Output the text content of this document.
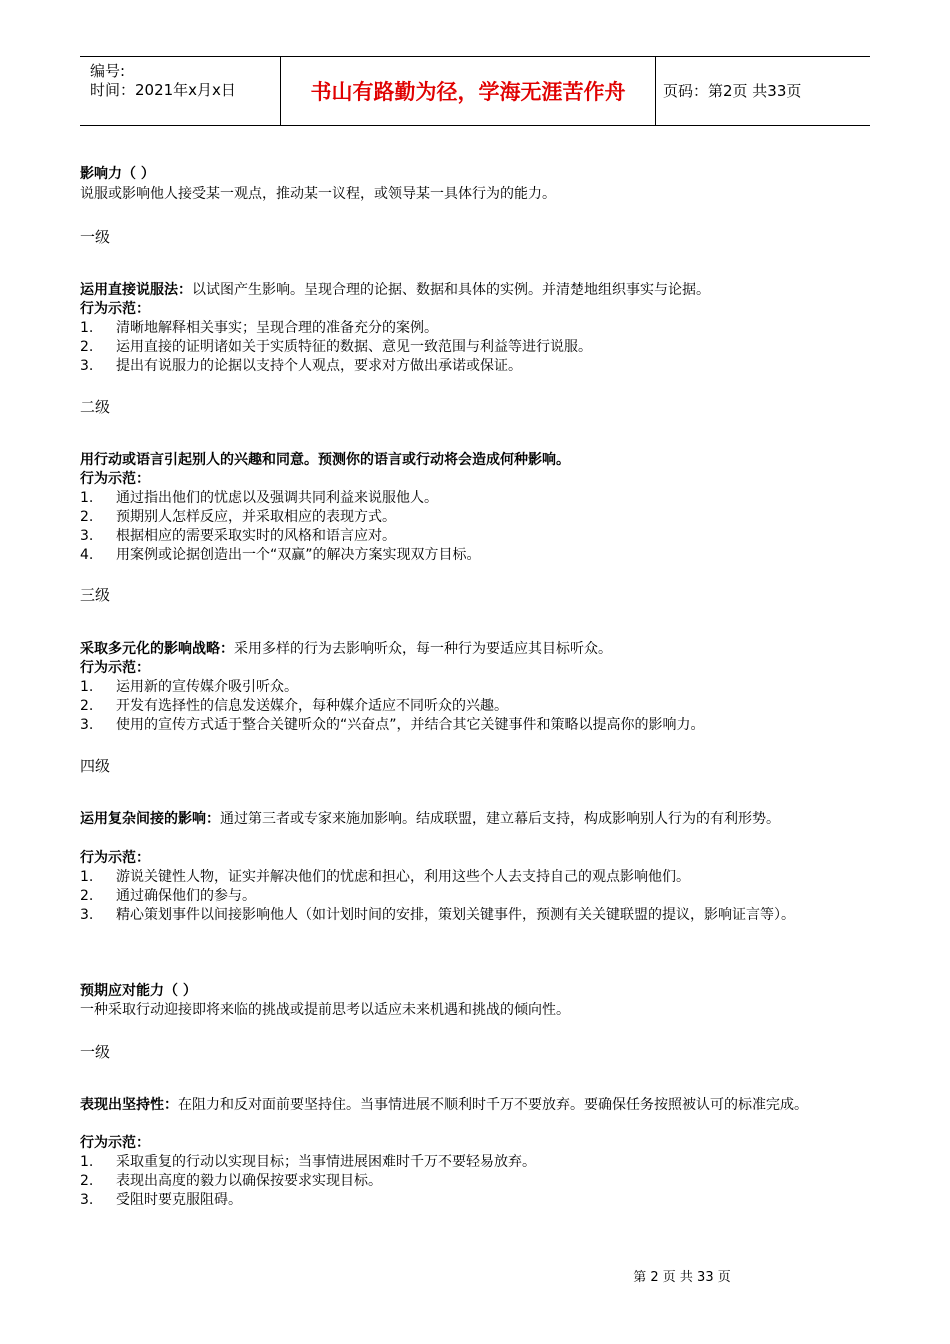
编号:
时间：2021年x月x日	书山有路勤为径，学海无涯苦作舟	页码：第2页 共33页
影响力（ ）
说服或影响他人接受某一观点，推动某一议程，或领导某一具体行为的能力。
一级
运用直接说服法：以试图产生影响。呈现合理的论据、数据和具体的实例。并清楚地组织事实与论据。
行为示范：
1. 清晰地解释相关事实；呈现合理的准备充分的案例。
2. 运用直接的证明诸如关于实质特征的数据、意见一致范围与利益等进行说服。
3. 提出有说服力的论据以支持个人观点，要求对方做出承诺或保证。
二级
用行动或语言引起别人的兴趣和同意。预测你的语言或行动将会造成何种影响。
行为示范：
1. 通过指出他们的忧虑以及强调共同利益来说服他人。
2. 预期别人怎样反应，并采取相应的表现方式。
3. 根据相应的需要采取实时的风格和语言应对。
4. 用案例或论据创造出一个“双赢”的解决方案实现双方目标。
三级
采取多元化的影响战略：采用多样的行为去影响听众，每一种行为要适应其目标听众。
行为示范：
1. 运用新的宣传媒介吸引听众。
2. 开发有选择性的信息发送媒介，每种媒介适应不同听众的兴趣。
3. 使用的宣传方式适于整合关键听众的“兴奋点”，并结合其它关键事件和策略以提高你的影响力。
四级
运用复杂间接的影响：通过第三者或专家来施加影响。结成联盟，建立幕后支持，构成影响别人行为的有利形势。
行为示范：
1. 游说关键性人物，证实并解决他们的忧虑和担心，利用这些个人去支持自己的观点影响他们。
2. 通过确保他们的参与。
3. 精心策划事件以间接影响他人（如计划时间的安排，策划关键事件，预测有关关键联盟的提议，影响证言等）。
预期应对能力（ ）
一种采取行动迎接即将来临的挑战或提前思考以适应未来机遇和挑战的倾向性。
一级
表现出坚持性：在阻力和反对面前要坚持住。当事情进展不顺利时千万不要放弃。要确保任务按照被认可的标准完成。
行为示范：
1. 采取重复的行动以实现目标；当事情进展困难时千万不要轻易放弃。
2. 表现出高度的毅力以确保按要求实现目标。
3. 受阻时要克服阻碍。
第 2 页 共 33 页
